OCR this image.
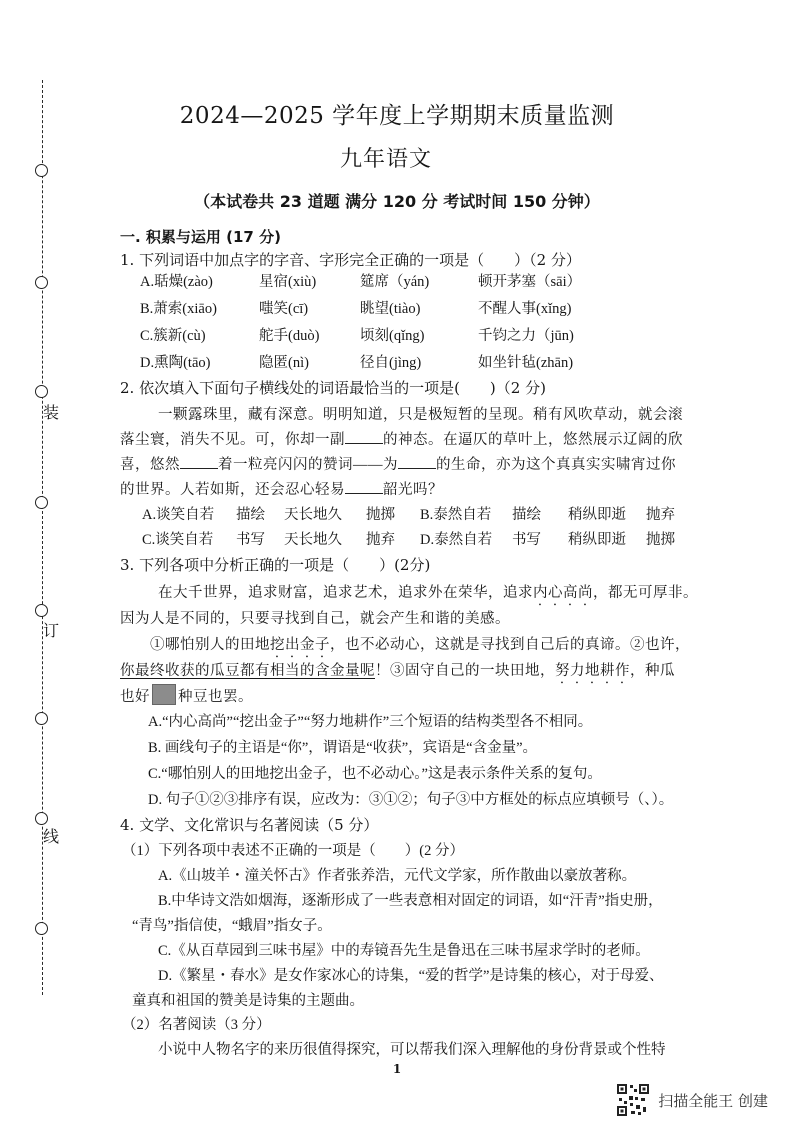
装
订
线
2024—2025 学年度上学期期末质量监测
九年语文
（本试卷共 23 道题 满分 120 分 考试时间 150 分钟）
一. 积累与运用 (17 分)
1. 下列词语中加点字的字音、字形完全正确的一项是（　　）（2 分）
A.聒燥(zào)	星宿(xiù)	筵席（yán)	顿开茅塞（sāi）
B.萧索(xiāo)	嗤笑(cī)	眺望(tiào)	不醒人事(xǐng)
C.簇新(cù)	舵手(duò)	顷刻(qǐng)	千钧之力（jūn)
D.熏陶(tāo)	隐匿(nì)	径自(jìng)	如坐针毡(zhān)
2. 依次填入下面句子横线处的词语最恰当的一项是(　　)（2 分)
一颗露珠里，藏有深意。明明知道，只是极短暂的呈现。稍有风吹草动，就会滚
落尘寰，消失不见。可，你却一副	的神态。在逼仄的草叶上，悠然展示辽阔的欣
喜，悠然	着一粒亮闪闪的赞词——为	的生命，亦为这个真真实实啸宵过你
的世界。人若如斯，还会忍心轻易	韶光吗？
A.谈笑自若 描绘 天长地久 抛掷 B.泰然自若 描绘 稍纵即逝 抛弃
C.谈笑自若 书写 天长地久 抛弃 D.泰然自若 书写 稍纵即逝 抛掷
3. 下列各项中分析正确的一项是（　　）(2分)
在大千世界，追求财富，追求艺术，追求外在荣华，追求内心高尚，都无可厚非。
因为人是不同的，只要寻找到自己，就会产生和谐的美感。
①哪怕别人的田地挖出金子，也不必动心，这就是寻找到自己后的真谛。②也许，
你最终收获的瓜豆都有相当的含金量呢！③固守自己的一块田地，努力地耕作，种瓜
也好 种豆也罢。
A.“内心高尚”“挖出金子”“努力地耕作”三个短语的结构类型各不相同。
B. 画线句子的主语是“你”，谓语是“收获”，宾语是“含金量”。
C.“哪怕别人的田地挖出金子，也不必动心。”这是表示条件关系的复句。
D. 句子①②③排序有误，应改为：③①②；句子③中方框处的标点应填顿号（、）。
4. 文学、文化常识与名著阅读（5 分）
（1）下列各项中表述不正确的一项是（　　）(2 分）
A.《山坡羊・潼关怀古》作者张养浩，元代文学家，所作散曲以豪放著称。
B.中华诗文浩如烟海，逐渐形成了一些表意相对固定的词语，如“汗青”指史册，
“青鸟”指信使，“蛾眉”指女子。
C.《从百草园到三味书屋》中的寿镜吾先生是鲁迅在三味书屋求学时的老师。
D.《繁星・春水》是女作家冰心的诗集，“爱的哲学”是诗集的核心，对于母爱、
童真和祖国的赞美是诗集的主题曲。
（2）名著阅读（3 分）
小说中人物名字的来历很值得探究，可以帮我们深入理解他的身份背景或个性特
1
扫描全能王 创建
